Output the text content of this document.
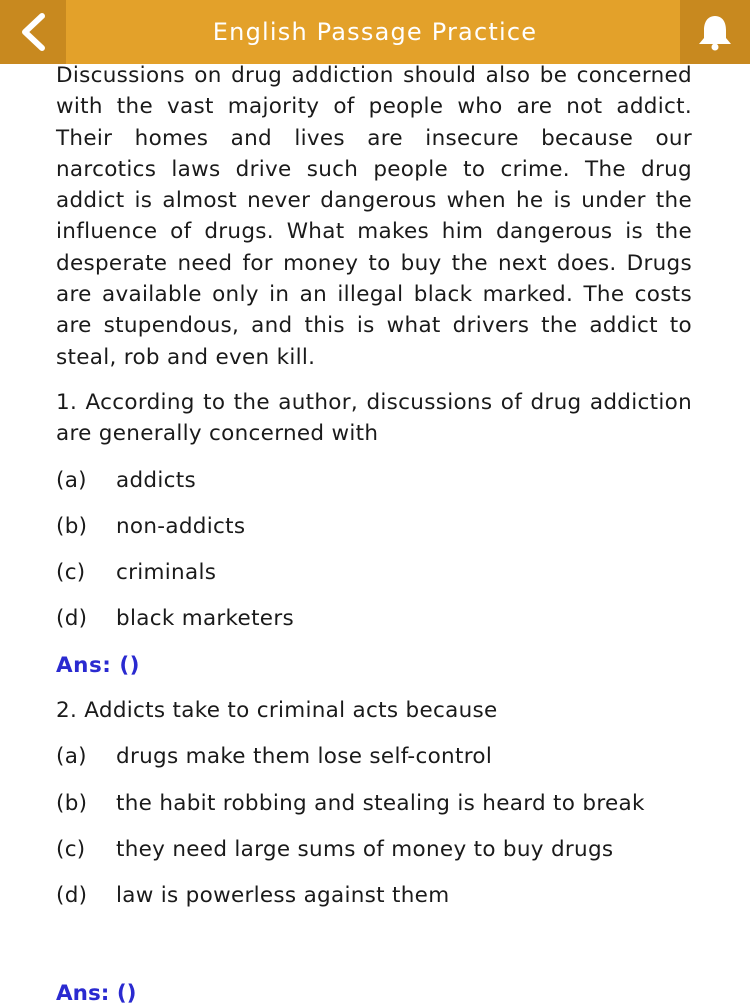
English Passage Practice

Discussions on drug addiction should also be concerned with the vast majority of people who are not addict. Their homes and lives are insecure because our narcotics laws drive such people to crime. The drug addict is almost never dangerous when he is under the influence of drugs. What makes him dangerous is the desperate need for money to buy the next does. Drugs are available only in an illegal black marked. The costs are stupendous, and this is what drivers the addict to steal, rob and even kill.

1. According to the author, discussions of drug addiction are generally concerned with

(a) addicts

(b) non-addicts

(c) criminals

(d) black marketers

Ans: ()

2. Addicts take to criminal acts because

(a) drugs make them lose self-control

(b) the habit robbing and stealing is heard to break

(c) they need large sums of money to buy drugs

(d) law is powerless against them

Ans: ()
